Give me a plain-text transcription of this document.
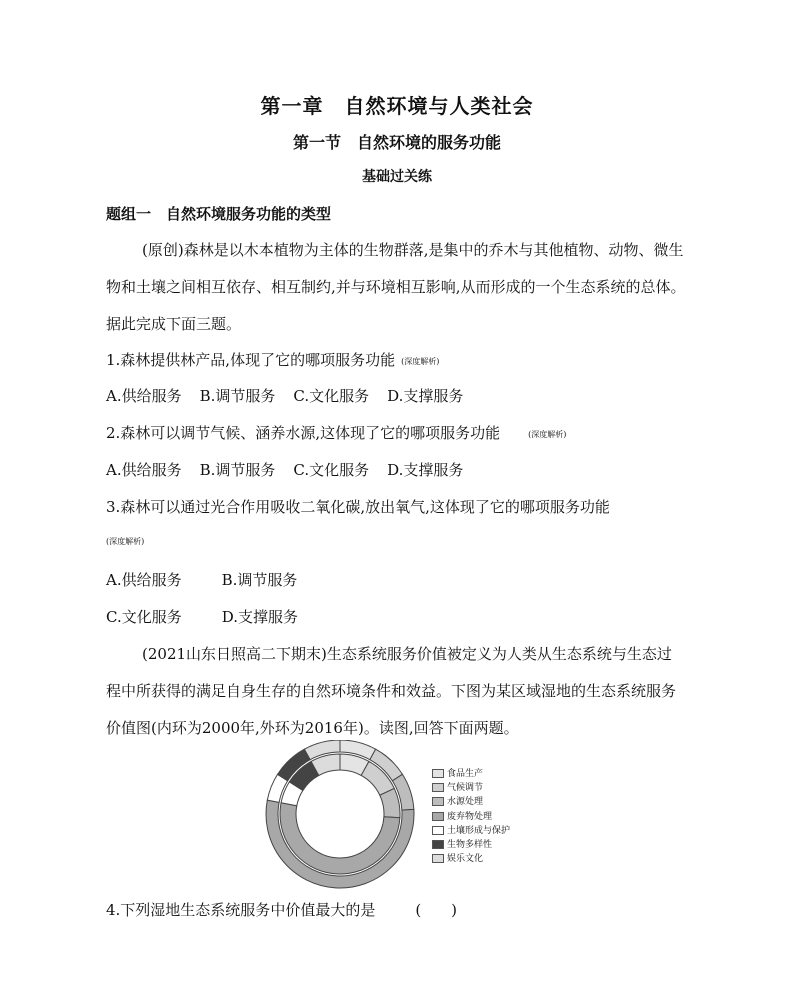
第一章　自然环境与人类社会
第一节　自然环境的服务功能
基础过关练
题组一　自然环境服务功能的类型
(原创)森林是以木本植物为主体的生物群落,是集中的乔木与其他植物、动物、微生物和土壤之间相互依存、相互制约,并与环境相互影响,从而形成的一个生态系统的总体。据此完成下面三题。
1.森林提供林产品,体现了它的哪项服务功能 (深度解析)
A.供给服务 B.调节服务 C.文化服务 D.支撑服务
2.森林可以调节气候、涵养水源,这体现了它的哪项服务功能	(深度解析)
A.供给服务 B.调节服务 C.文化服务 D.支撑服务
3.森林可以通过光合作用吸收二氧化碳,放出氧气,这体现了它的哪项服务功能
(深度解析)
A.供给服务	B.调节服务
C.文化服务	D.支撑服务
(2021山东日照高二下期末)生态系统服务价值被定义为人类从生态系统与生态过程中所获得的满足自身生存的自然环境条件和效益。下图为某区域湿地的生态系统服务价值图(内环为2000年,外环为2016年)。读图,回答下面两题。
食品生产
气候调节
水源处理
废弃物处理
土壤形成与保护
生物多样性
娱乐文化
4.下列湿地生态系统服务中价值最大的是	(　　)
